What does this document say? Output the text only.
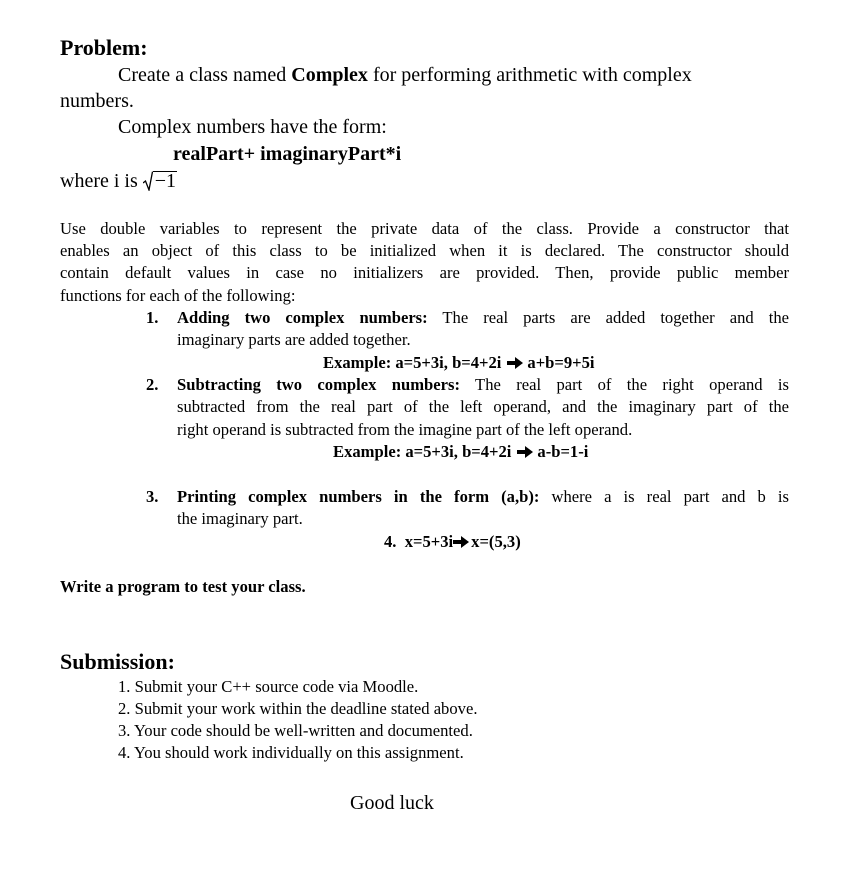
Problem:
Create a class named Complex for performing arithmetic with complex
numbers.
Complex numbers have the form:
realPart+ imaginaryPart*i
where i is −1
Use double variables to represent the private data of the class. Provide a constructor that
enables an object of this class to be initialized when it is declared. The constructor should
contain default values in case no initializers are provided. Then, provide public member
functions for each of the following:
1. Adding two complex numbers: The real parts are added together and the
imaginary parts are added together.
Example: a=5+3i, b=4+2i a+b=9+5i
2. Subtracting two complex numbers: The real part of the right operand is
subtracted from the real part of the left operand, and the imaginary part of the
right operand is subtracted from the imagine part of the left operand.
Example: a=5+3i, b=4+2i a-b=1-i
3. Printing complex numbers in the form (a,b): where a is real part and b is
the imaginary part.
4. x=5+3i x=(5,3)
Write a program to test your class.
Submission:
1. Submit your C++ source code via Moodle.
2. Submit your work within the deadline stated above.
3. Your code should be well-written and documented.
4. You should work individually on this assignment.
Good luck
